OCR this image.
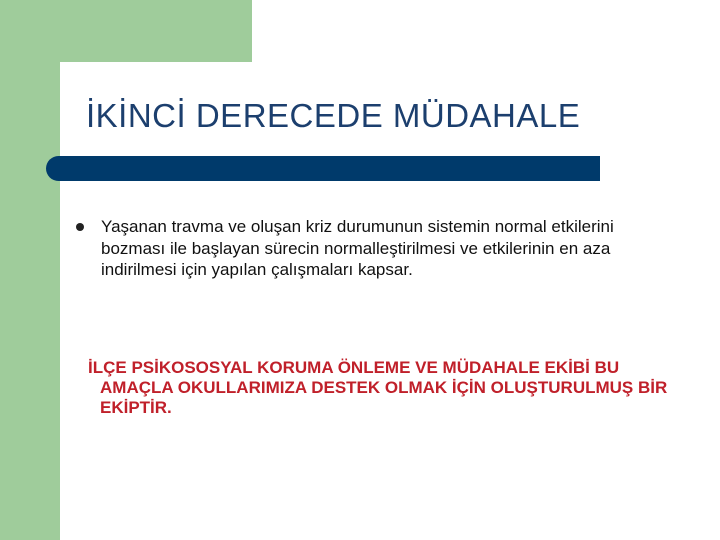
İKİNCİ DERECEDE MÜDAHALE
Yaşanan travma ve oluşan kriz durumunun sistemin normal etkilerini bozması ile başlayan sürecin normalleştirilmesi ve etkilerinin en aza indirilmesi için yapılan çalışmaları kapsar.
İLÇE PSİKOSOSYAL KORUMA ÖNLEME VE MÜDAHALE EKİBİ BU AMAÇLA OKULLARIMIZA DESTEK OLMAK İÇİN OLUŞTURULMUŞ BİR EKİPTİR.
